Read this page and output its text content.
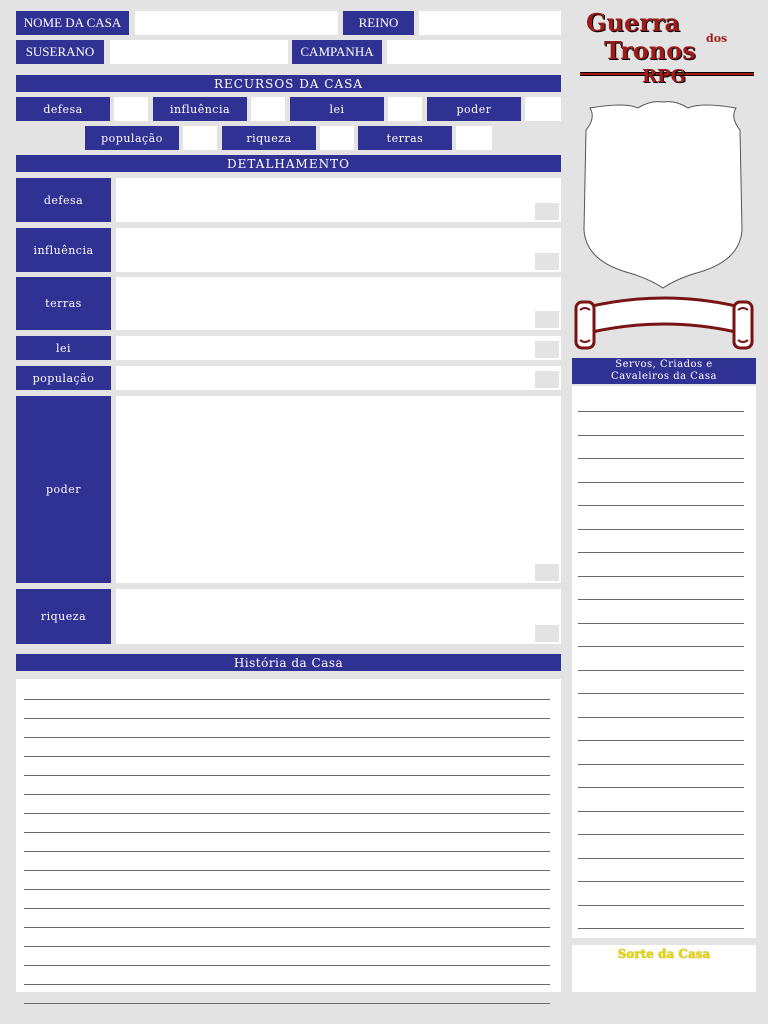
NOME DA CASA	REINO
SUSERANO	CAMPANHA
Guerra
dos
Tronos
RPG
RECURSOS DA CASA
defesa	influência	lei	poder
população	riqueza	terras
DETALHAMENTO
defesa
influência
terras
lei
população
poder
riqueza
História da Casa
Servos, Criados e
Cavaleiros da Casa
Sorte da Casa
